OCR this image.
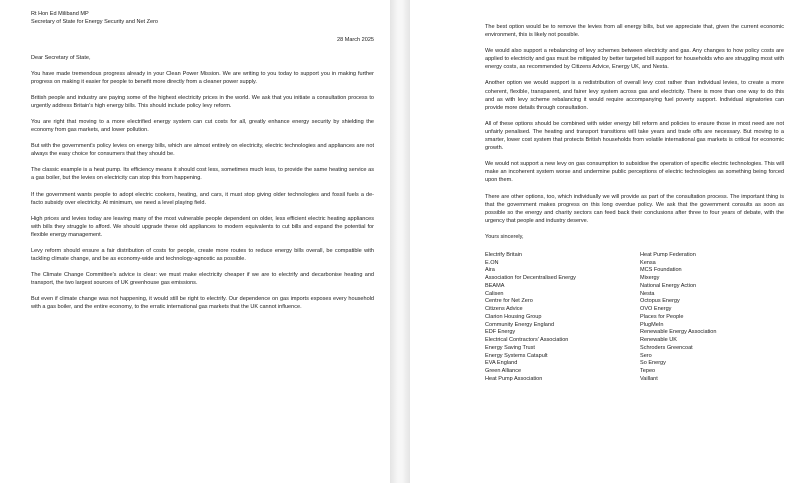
Rt Hon Ed Miliband MP

Secretary of State for Energy Security and Net Zero

28 March 2025

Dear Secretary of State,

You have made tremendous progress already in your Clean Power Mission. We are writing to you today to support you in making further progress on making it easier for people to benefit more directly from a cleaner power supply.

British people and industry are paying some of the highest electricity prices in the world. We ask that you initiate a consultation process to urgently address Britain's high energy bills. This should include policy levy reform.

You are right that moving to a more electrified energy system can cut costs for all, greatly enhance energy security by shielding the economy from gas markets, and lower pollution.

But with the government's policy levies on energy bills, which are almost entirely on electricity, electric technologies and appliances are not always the easy choice for consumers that they should be.

The classic example is a heat pump. Its efficiency means it should cost less, sometimes much less, to provide the same heating service as a gas boiler, but the levies on electricity can stop this from happening.

If the government wants people to adopt electric cookers, heating, and cars, it must stop giving older technologies and fossil fuels a de-facto subsidy over electricity. At minimum, we need a level playing field.

High prices and levies today are leaving many of the most vulnerable people dependent on older, less efficient electric heating appliances with bills they struggle to afford. We should upgrade these old appliances to modern equivalents to cut bills and expand the potential for flexible energy management.

Levy reform should ensure a fair distribution of costs for people, create more routes to reduce energy bills overall, be compatible with tackling climate change, and be as economy-wide and technology-agnostic as possible.

The Climate Change Committee's advice is clear: we must make electricity cheaper if we are to electrify and decarbonise heating and transport, the two largest sources of UK greenhouse gas emissions.

But even if climate change was not happening, it would still be right to electrify. Our dependence on gas imports exposes every household with a gas boiler, and the entire economy, to the erratic international gas markets that the UK cannot influence.

The best option would be to remove the levies from all energy bills, but we appreciate that, given the current economic environment, this is likely not possible.

We would also support a rebalancing of levy schemes between electricity and gas. Any changes to how policy costs are applied to electricity and gas must be mitigated by better targeted bill support for households who are struggling most with energy costs, as recommended by Citizens Advice, Energy UK, and Nesta.

Another option we would support is a redistribution of overall levy cost rather than individual levies, to create a more coherent, flexible, transparent, and fairer levy system across gas and electricity. There is more than one way to do this and as with levy scheme rebalancing it would require accompanying fuel poverty support. Individual signatories can provide more details through consultation.

All of these options should be combined with wider energy bill reform and policies to ensure those in most need are not unfairly penalised. The heating and transport transitions will take years and trade offs are necessary. But moving to a smarter, lower cost system that protects British households from volatile international gas markets is critical for economic growth.

We would not support a new levy on gas consumption to subsidise the operation of specific electric technologies. This will make an incoherent system worse and undermine public perceptions of electric technologies as something being forced upon them.

There are other options, too, which individually we will provide as part of the consultation process. The important thing is that the government makes progress on this long overdue policy. We ask that the government consults as soon as possible so the energy and charity sectors can feed back their conclusions after three to four years of debate, with the urgency that people and industry deserve.

Yours sincerely,

Electrify Britain
E.ON
Aira
Association for Decentralised Energy
BEAMA
Calisen
Centre for Net Zero
Citizens Advice
Clarion Housing Group
Community Energy England
EDF Energy
Electrical Contractors' Association
Energy Saving Trust
Energy Systems Catapult
EVA England
Green Alliance
Heat Pump Association
Heat Pump Federation
Kensa
MCS Foundation
Mixergy
National Energy Action
Nesta
Octopus Energy
OVO Energy
Places for People
PlugMeIn
Renewable Energy Association
Renewable UK
Schroders Greencoat
Sero
So Energy
Tepeo
Vaillant
